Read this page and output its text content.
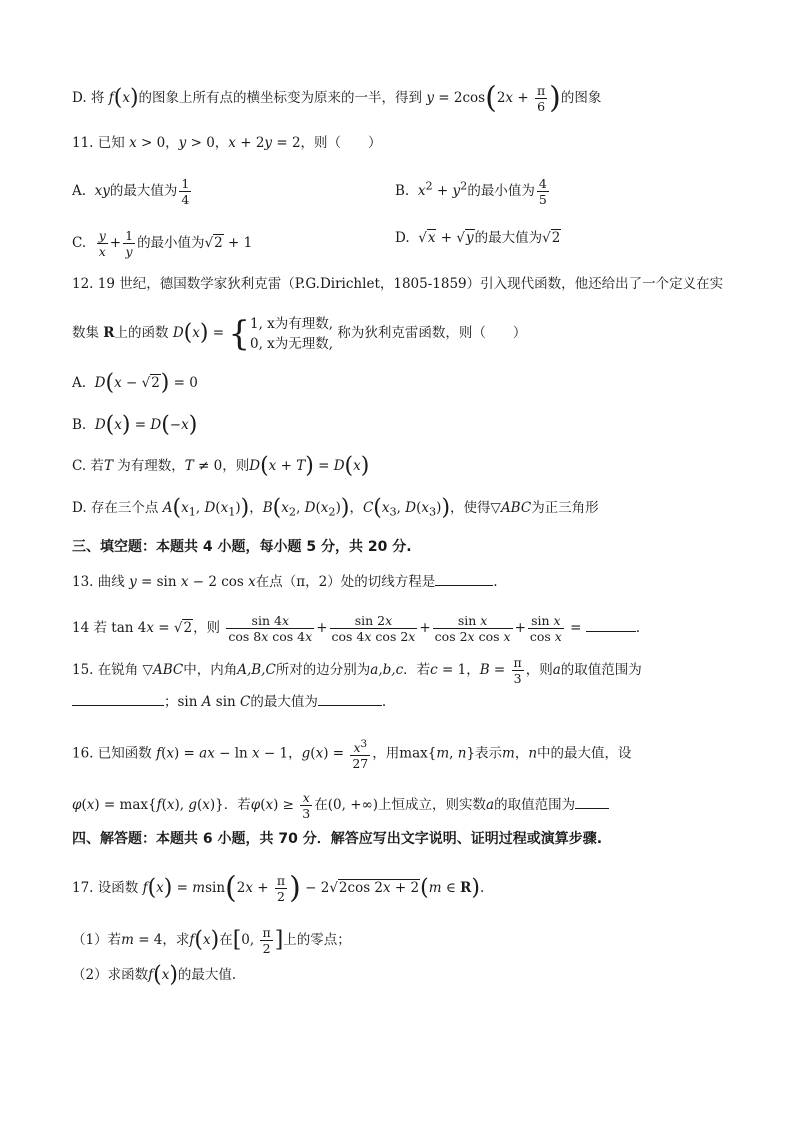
D. 将 f(x)的图象上所有点的横坐标变为原来的一半，得到 $y = 2\cos(2x + \frac{\pi}{6}$ )的图象
11. 已知 x > 0，y > 0，x + 2y = 2，则（　　）
A. xy的最大值为 $\frac{1}{4}$	B. $x^2 + y^2$的最小值为 $\frac{4}{5}$
C. $\frac{y}{x} + \frac{1}{y}$ 的最小值为√2 + 1	D. √x + √y的最大值为√2
12. 19 世纪，德国数学家狄利克雷（P.G.Dirichlet，1805-1859）引入现代函数，他还给出了一个定义在实
数集 R上的函数 D(x) = { 1, x为有理数,
0, x为无理数,
称为狄利克雷函数，则（　　）
A. D(x − √2) = 0
B. D(x) = D(−x)
C. 若T 为有理数，T ≠ 0，则D(x + T) = D(x)
D. 存在三个点 $A(x_1$, $D(x_1)$)，$B(x_2$, $D(x_2)$)，$C(x_3$, $D(x_3)$)，使得▽ABC为正三角形
三、填空题：本题共 4 小题，每小题 5 分，共 20 分.
13. 曲线 y = sin x − 2 cos x在点（π，2）处的切线方程是	.
14 若 tan 4x = √2，则 $\frac{\sin 4x}{\text{cos 8x cos 4x}} + \frac{\sin 2x}{\text{cos 4x cos 2x}} + \frac{\text{sin x}}{\text{cos 2x cos x}} + \frac{\text{sin x}}{\text{cos x}}$ =	.
15. 在锐角 ▽ABC中，内角A,B,C所对的边分别为a,b,c．若c = 1，$B = \frac{\pi}{3}$ ，则a的取值范围为
；sin A sin C的最大值为	.
16. 已知函数 f(x) = ax − ln x − 1，$g(x) = \frac{x^3}{27}$ ，用max{m, n}表示m，n中的最大值，设
φ(x) = max{f(x), g(x)}．若$\varphi(x) \ge \frac{x}{3}$ 在(0, +∞)上恒成立，则实数a的取值范围为
四、解答题：本题共 6 小题，共 70 分．解答应写出文字说明、证明过程或演算步骤.
17. 设函数 $f(x) = msin(2x + \frac{\pi}{2}$ ) − 2√2cos 2x + 2(m ∈ R).
（1）若m = 4，求f(x)在[0, $\frac{\pi}{2}$ ]上的零点；
（2）求函数f(x)的最大值.
